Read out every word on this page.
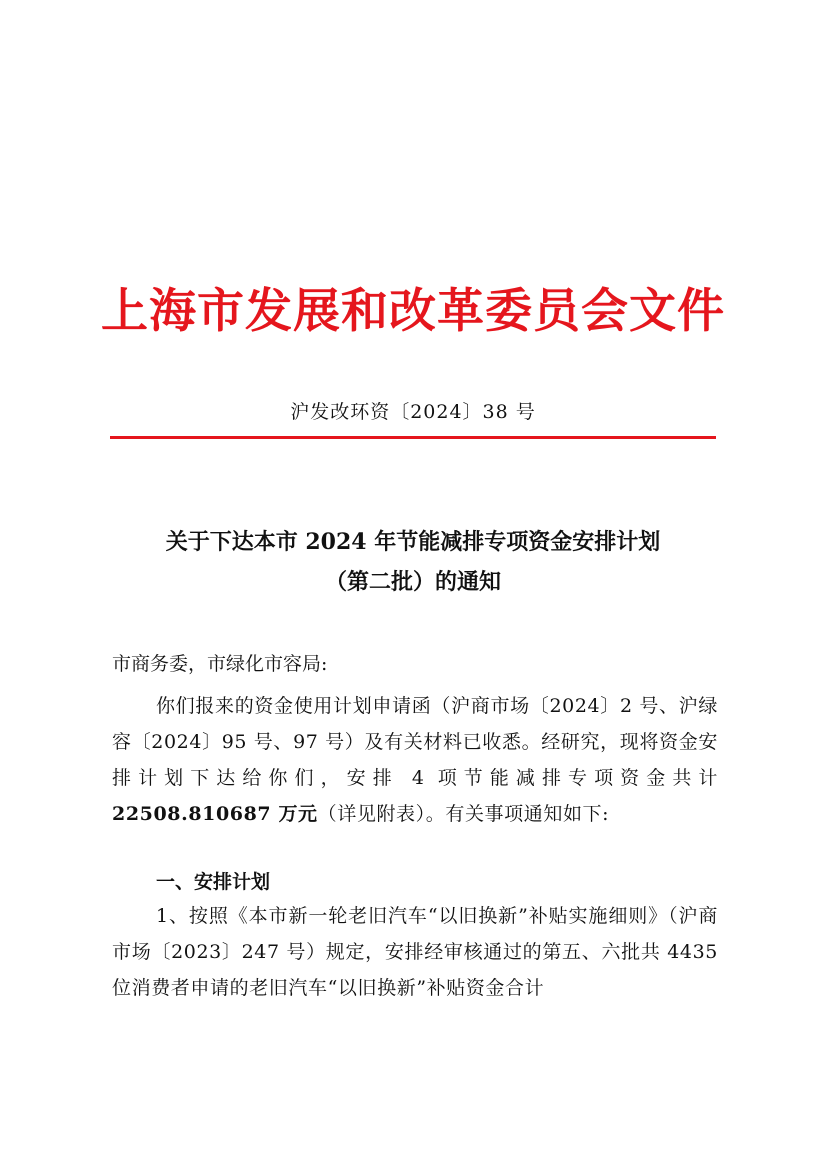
上海市发展和改革委员会文件
沪发改环资〔2024〕38 号
关于下达本市 2024 年节能减排专项资金安排计划
（第二批）的通知
市商务委，市绿化市容局:
你们报来的资金使用计划申请函（沪商市场〔2024〕2 号、沪绿容〔2024〕95 号、97 号）及有关材料已收悉。经研究，现将资金安排计划下达给你们，安排 4 项节能减排专项资金共计 22508.810687 万元（详见附表）。有关事项通知如下:
一、安排计划
1、按照《本市新一轮老旧汽车“以旧换新”补贴实施细则》（沪商市场〔2023〕247 号）规定，安排经审核通过的第五、六批共 4435 位消费者申请的老旧汽车“以旧换新”补贴资金合计
